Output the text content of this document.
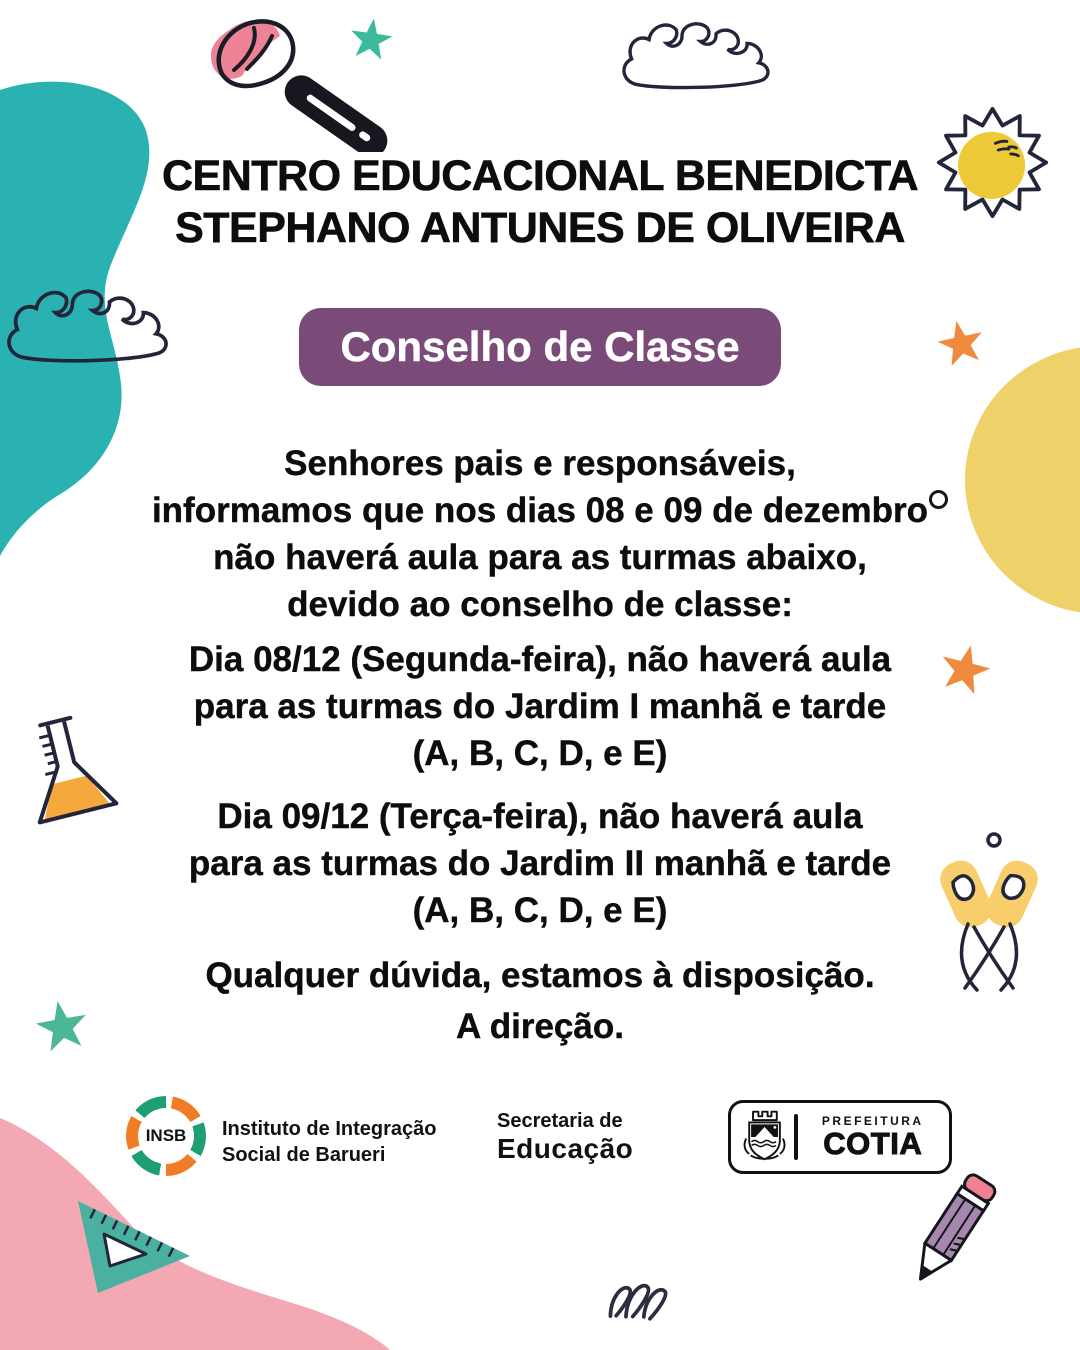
CENTRO EDUCACIONAL BENEDICTA
STEPHANO ANTUNES DE OLIVEIRA
Conselho de Classe
Senhores pais e responsáveis,
informamos que nos dias 08 e 09 de dezembro
não haverá aula para as turmas abaixo,
devido ao conselho de classe:
Dia 08/12 (Segunda-feira), não haverá aula
para as turmas do Jardim I manhã e tarde
(A, B, C, D, e E)
Dia 09/12 (Terça-feira), não haverá aula
para as turmas do Jardim II manhã e tarde
(A, B, C, D, e E)
Qualquer dúvida, estamos à disposição.
A direção.
INSB	Instituto de Integração
Social de Barueri
Secretaria de
Educação
PREFEITURA
COTIA
